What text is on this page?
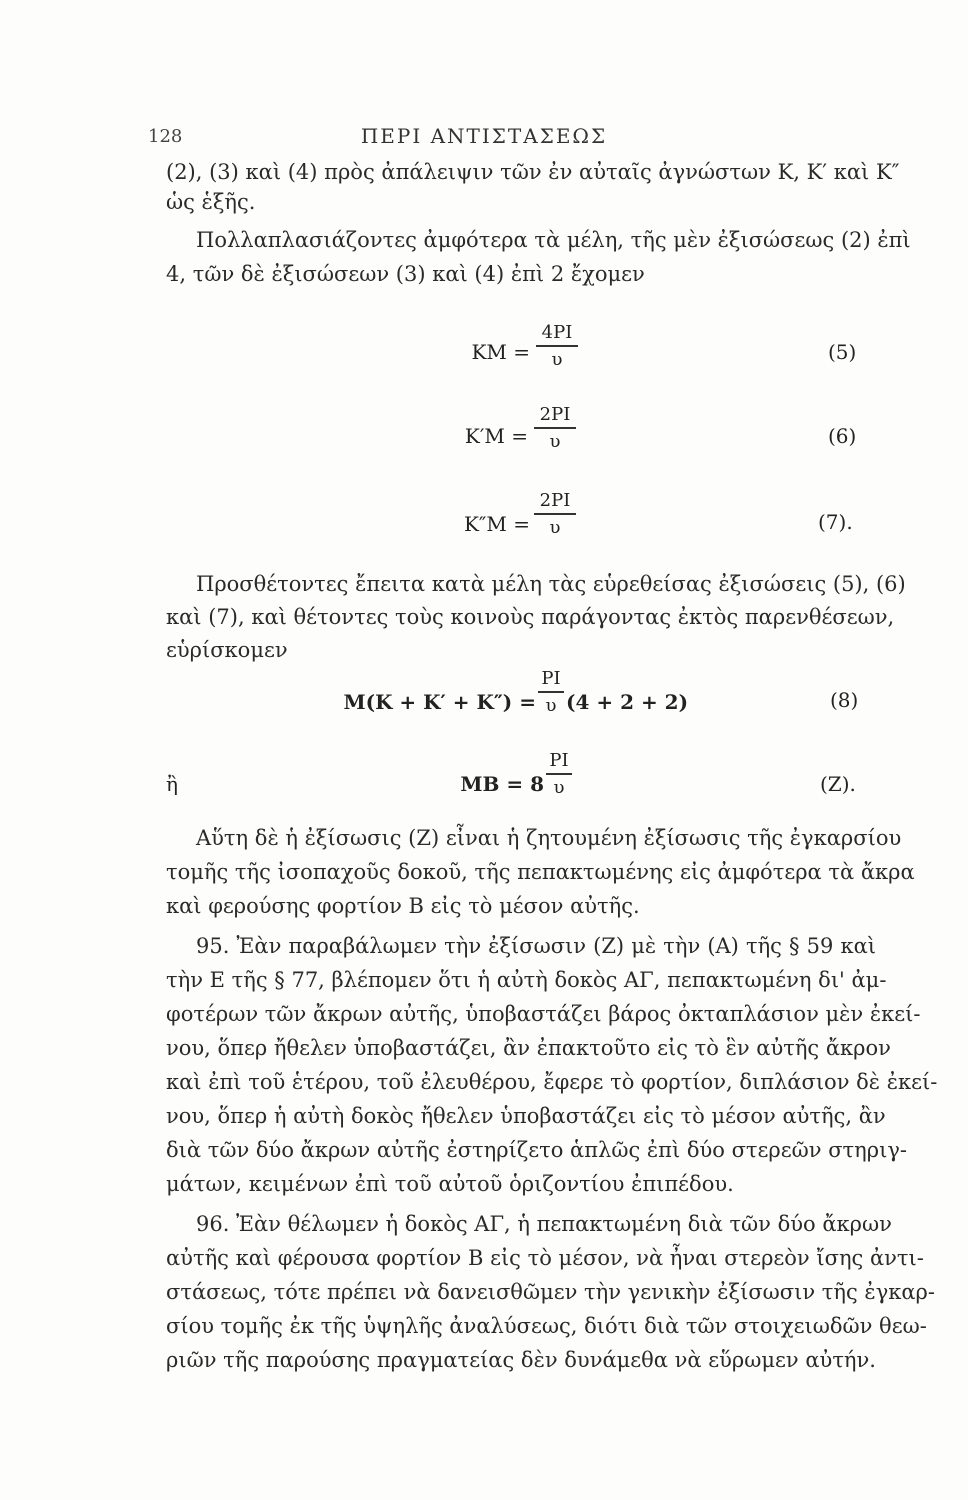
128	ΠΕΡΙ ΑΝΤΙΣΤΑΣΕΩΣ
(2), (3) καὶ (4) πρὸς ἀπάλειψιν τῶν ἐν αὐταῖς ἀγνώστων Κ, Κ′ καὶ Κ″
ὡς ἑξῆς.
Πολλαπλασιάζοντες ἀμφότερα τὰ μέλη, τῆς μὲν ἐξισώσεως (2) ἐπὶ
4, τῶν δὲ ἐξισώσεων (3) καὶ (4) ἐπὶ 2 ἔχομεν
ΚΜ =
4ΡΙ
υ	(5)
Κ′Μ =
2ΡΙ
υ	(6)
Κ″Μ =
2ΡΙ
υ	(7).
Προσθέτοντες ἔπειτα κατὰ μέλη τὰς εὑρεθείσας ἐξισώσεις (5), (6)
καὶ (7), καὶ θέτοντες τοὺς κοινοὺς παράγοντας ἐκτὸς παρενθέσεων,
εὑρίσκομεν
Μ(Κ + Κ′ + Κ″) =
ΡΙ
υ (4 + 2 + 2)	(8)
ἢ	ΜΒ = 8
ΡΙ
υ	(Ζ).
Αὕτη δὲ ἡ ἐξίσωσις (Ζ) εἶναι ἡ ζητουμένη ἐξίσωσις τῆς ἐγκαρσίου
τομῆς τῆς ἰσοπαχοῦς δοκοῦ, τῆς πεπακτωμένης εἰς ἀμφότερα τὰ ἄκρα
καὶ φερούσης φορτίον Β εἰς τὸ μέσον αὐτῆς.
95. Ἐὰν παραβάλωμεν τὴν ἐξίσωσιν (Ζ) μὲ τὴν (Α) τῆς § 59 καὶ
τὴν Ε τῆς § 77, βλέπομεν ὅτι ἡ αὐτὴ δοκὸς ΑΓ, πεπακτωμένη δι' ἀμ-
φοτέρων τῶν ἄκρων αὐτῆς, ὑποβαστάζει βάρος ὀκταπλάσιον μὲν ἐκεί-
νου, ὅπερ ἤθελεν ὑποβαστάζει, ἂν ἐπακτοῦτο εἰς τὸ ἓν αὐτῆς ἄκρον
καὶ ἐπὶ τοῦ ἑτέρου, τοῦ ἐλευθέρου, ἔφερε τὸ φορτίον, διπλάσιον δὲ ἐκεί-
νου, ὅπερ ἡ αὐτὴ δοκὸς ἤθελεν ὑποβαστάζει εἰς τὸ μέσον αὐτῆς, ἂν
διὰ τῶν δύο ἄκρων αὐτῆς ἐστηρίζετο ἁπλῶς ἐπὶ δύο στερεῶν στηριγ-
μάτων, κειμένων ἐπὶ τοῦ αὐτοῦ ὁριζοντίου ἐπιπέδου.
96. Ἐὰν θέλωμεν ἡ δοκὸς ΑΓ, ἡ πεπακτωμένη διὰ τῶν δύο ἄκρων
αὐτῆς καὶ φέρουσα φορτίον Β εἰς τὸ μέσον, νὰ ἦναι στερεὸν ἴσης ἀντι-
στάσεως, τότε πρέπει νὰ δανεισθῶμεν τὴν γενικὴν ἐξίσωσιν τῆς ἐγκαρ-
σίου τομῆς ἐκ τῆς ὑψηλῆς ἀναλύσεως, διότι διὰ τῶν στοιχειωδῶν θεω-
ριῶν τῆς παρούσης πραγματείας δὲν δυνάμεθα νὰ εὕρωμεν αὐτήν.
